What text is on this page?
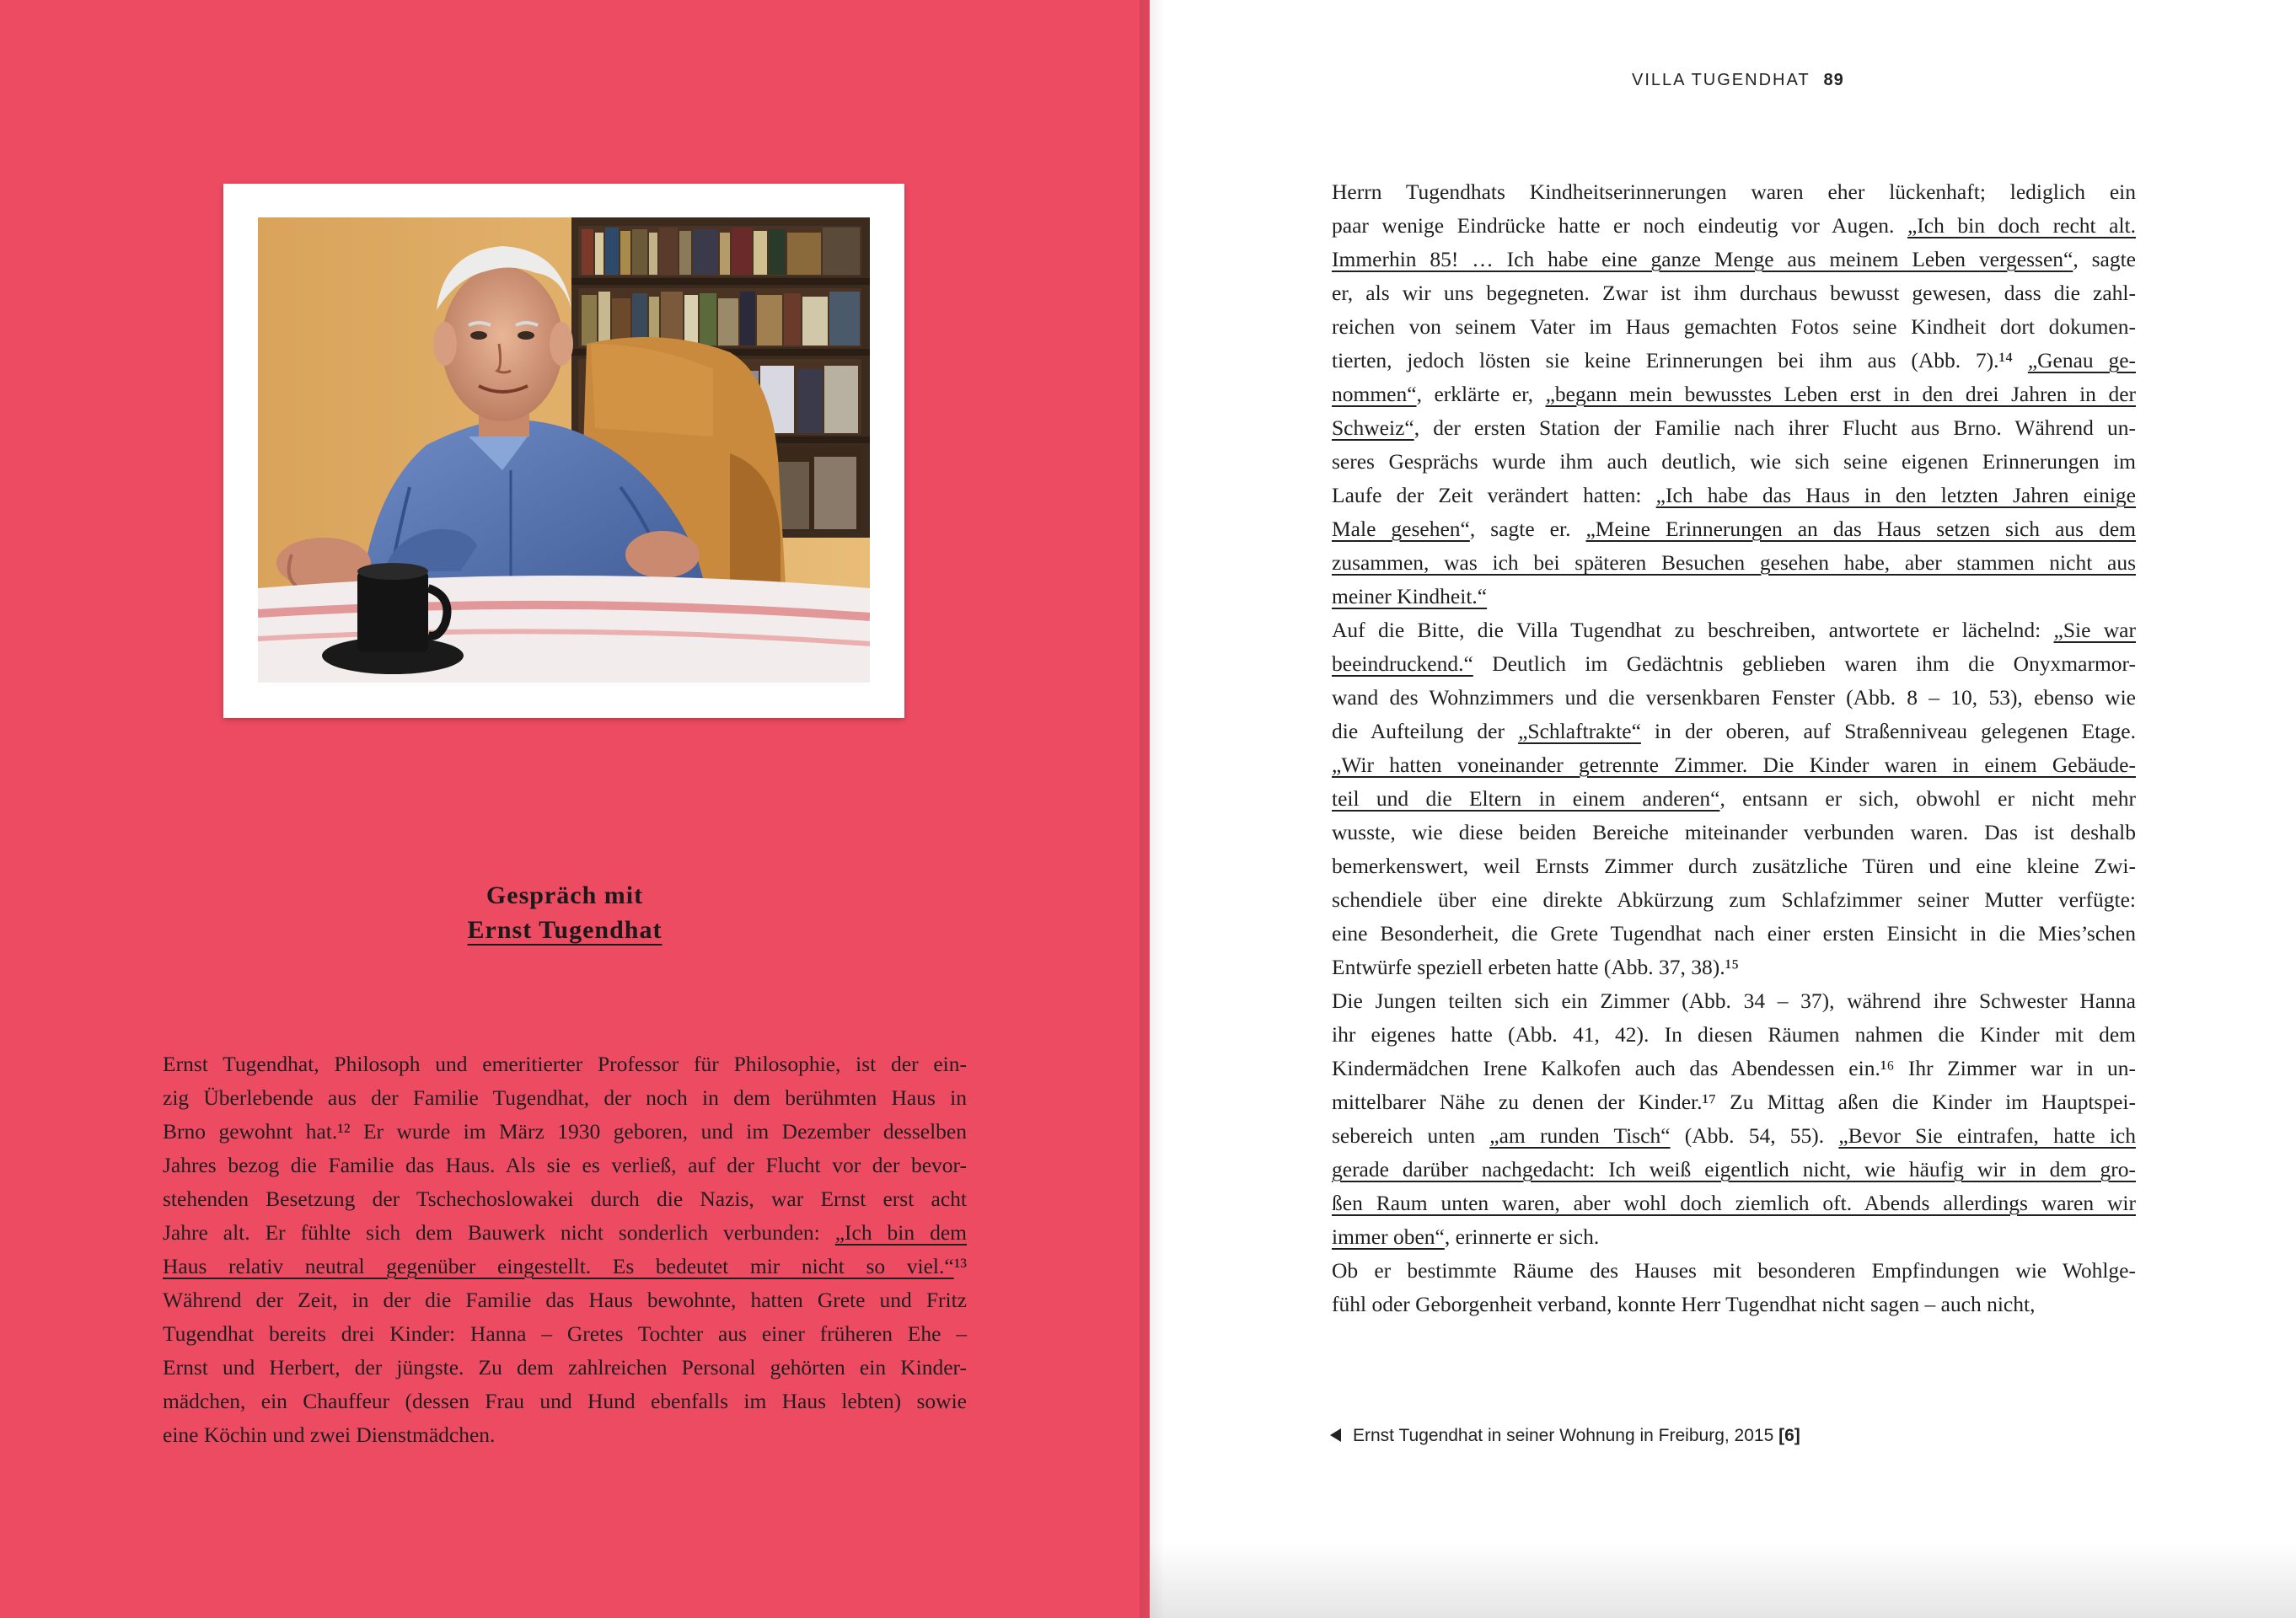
Gespräch mit
Ernst Tugendhat
Ernst Tugendhat, Philosoph und emeritierter Professor für Philosophie, ist der ein-
zig Überlebende aus der Familie Tugendhat, der noch in dem berühmten Haus in
Brno gewohnt hat.¹² Er wurde im März 1930 geboren, und im Dezember desselben
Jahres bezog die Familie das Haus. Als sie es verließ, auf der Flucht vor der bevor-
stehenden Besetzung der Tschechoslowakei durch die Nazis, war Ernst erst acht
Jahre alt. Er fühlte sich dem Bauwerk nicht sonderlich verbunden: „Ich bin dem
Haus relativ neutral gegenüber eingestellt. Es bedeutet mir nicht so viel.“¹³
Während der Zeit, in der die Familie das Haus bewohnte, hatten Grete und Fritz
Tugendhat bereits drei Kinder: Hanna – Gretes Tochter aus einer früheren Ehe –
Ernst und Herbert, der jüngste. Zu dem zahlreichen Personal gehörten ein Kinder-
mädchen, ein Chauffeur (dessen Frau und Hund ebenfalls im Haus lebten) sowie
eine Köchin und zwei Dienstmädchen.
VILLA TUGENDHAT 89
Herrn Tugendhats Kindheitserinnerungen waren eher lückenhaft; lediglich ein
paar wenige Eindrücke hatte er noch eindeutig vor Augen. „Ich bin doch recht alt.
Immerhin 85! … Ich habe eine ganze Menge aus meinem Leben vergessen“, sagte
er, als wir uns begegneten. Zwar ist ihm durchaus bewusst gewesen, dass die zahl-
reichen von seinem Vater im Haus gemachten Fotos seine Kindheit dort dokumen-
tierten, jedoch lösten sie keine Erinnerungen bei ihm aus (Abb. 7).¹⁴ „Genau ge-
nommen“, erklärte er, „begann mein bewusstes Leben erst in den drei Jahren in der
Schweiz“, der ersten Station der Familie nach ihrer Flucht aus Brno. Während un-
seres Gesprächs wurde ihm auch deutlich, wie sich seine eigenen Erinnerungen im
Laufe der Zeit verändert hatten: „Ich habe das Haus in den letzten Jahren einige
Male gesehen“, sagte er. „Meine Erinnerungen an das Haus setzen sich aus dem
zusammen, was ich bei späteren Besuchen gesehen habe, aber stammen nicht aus
meiner Kindheit.“
Auf die Bitte, die Villa Tugendhat zu beschreiben, antwortete er lächelnd: „Sie war
beeindruckend.“ Deutlich im Gedächtnis geblieben waren ihm die Onyxmarmor-
wand des Wohnzimmers und die versenkbaren Fenster (Abb. 8 – 10, 53), ebenso wie
die Aufteilung der „Schlaftrakte“ in der oberen, auf Straßenniveau gelegenen Etage.
„Wir hatten voneinander getrennte Zimmer. Die Kinder waren in einem Gebäude-
teil und die Eltern in einem anderen“, entsann er sich, obwohl er nicht mehr
wusste, wie diese beiden Bereiche miteinander verbunden waren. Das ist deshalb
bemerkenswert, weil Ernsts Zimmer durch zusätzliche Türen und eine kleine Zwi-
schendiele über eine direkte Abkürzung zum Schlafzimmer seiner Mutter verfügte:
eine Besonderheit, die Grete Tugendhat nach einer ersten Einsicht in die Mies’schen
Entwürfe speziell erbeten hatte (Abb. 37, 38).¹⁵
Die Jungen teilten sich ein Zimmer (Abb. 34 – 37), während ihre Schwester Hanna
ihr eigenes hatte (Abb. 41, 42). In diesen Räumen nahmen die Kinder mit dem
Kindermädchen Irene Kalkofen auch das Abendessen ein.¹⁶ Ihr Zimmer war in un-
mittelbarer Nähe zu denen der Kinder.¹⁷ Zu Mittag aßen die Kinder im Hauptspei-
sebereich unten „am runden Tisch“ (Abb. 54, 55). „Bevor Sie eintrafen, hatte ich
gerade darüber nachgedacht: Ich weiß eigentlich nicht, wie häufig wir in dem gro-
ßen Raum unten waren, aber wohl doch ziemlich oft. Abends allerdings waren wir
immer oben“, erinnerte er sich.
Ob er bestimmte Räume des Hauses mit besonderen Empfindungen wie Wohlge-
fühl oder Geborgenheit verband, konnte Herr Tugendhat nicht sagen – auch nicht,
Ernst Tugendhat in seiner Wohnung in Freiburg, 2015 [6]
